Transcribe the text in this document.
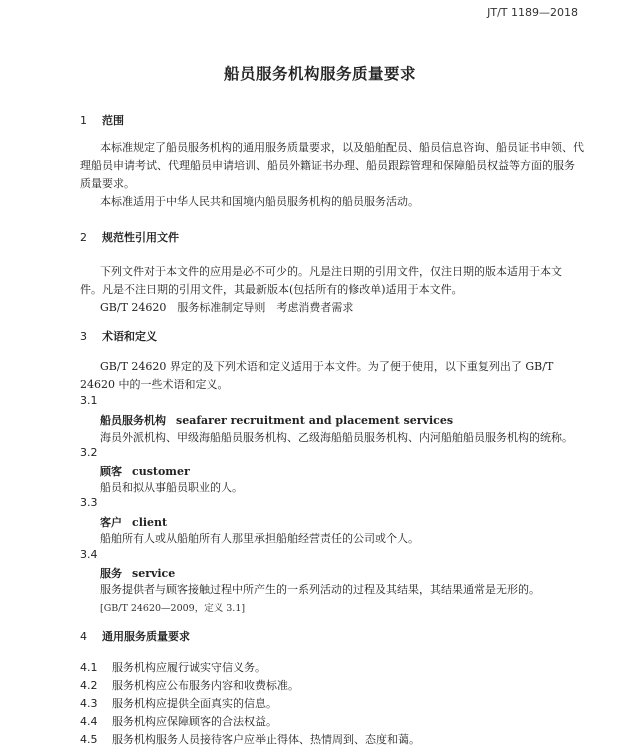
JT/T 1189—2018
船员服务机构服务质量要求
1 范围
本标准规定了船员服务机构的通用服务质量要求，以及船舶配员、船员信息咨询、船员证书申领、代
理船员申请考试、代理船员申请培训、船员外籍证书办理、船员跟踪管理和保障船员权益等方面的服务
质量要求。
本标准适用于中华人民共和国境内船员服务机构的船员服务活动。
2 规范性引用文件
下列文件对于本文件的应用是必不可少的。凡是注日期的引用文件，仅注日期的版本适用于本文
件。凡是不注日期的引用文件，其最新版本(包括所有的修改单)适用于本文件。
GB/T 24620　服务标准制定导则　考虑消费者需求
3 术语和定义
GB/T 24620 界定的及下列术语和定义适用于本文件。为了便于使用，以下重复列出了 GB/T
24620 中的一些术语和定义。
3.1
船员服务机构 seafarer recruitment and placement services
海员外派机构、甲级海船船员服务机构、乙级海船船员服务机构、内河船舶船员服务机构的统称。
3.2
顾客 customer
船员和拟从事船员职业的人。
3.3
客户 client
船舶所有人或从船舶所有人那里承担船舶经营责任的公司或个人。
3.4
服务 service
服务提供者与顾客接触过程中所产生的一系列活动的过程及其结果，其结果通常是无形的。
[GB/T 24620—2009，定义 3.1]
4 通用服务质量要求
4.1 服务机构应履行诚实守信义务。
4.2 服务机构应公布服务内容和收费标准。
4.3 服务机构应提供全面真实的信息。
4.4 服务机构应保障顾客的合法权益。
4.5 服务机构服务人员接待客户应举止得体、热情周到、态度和蔼。
